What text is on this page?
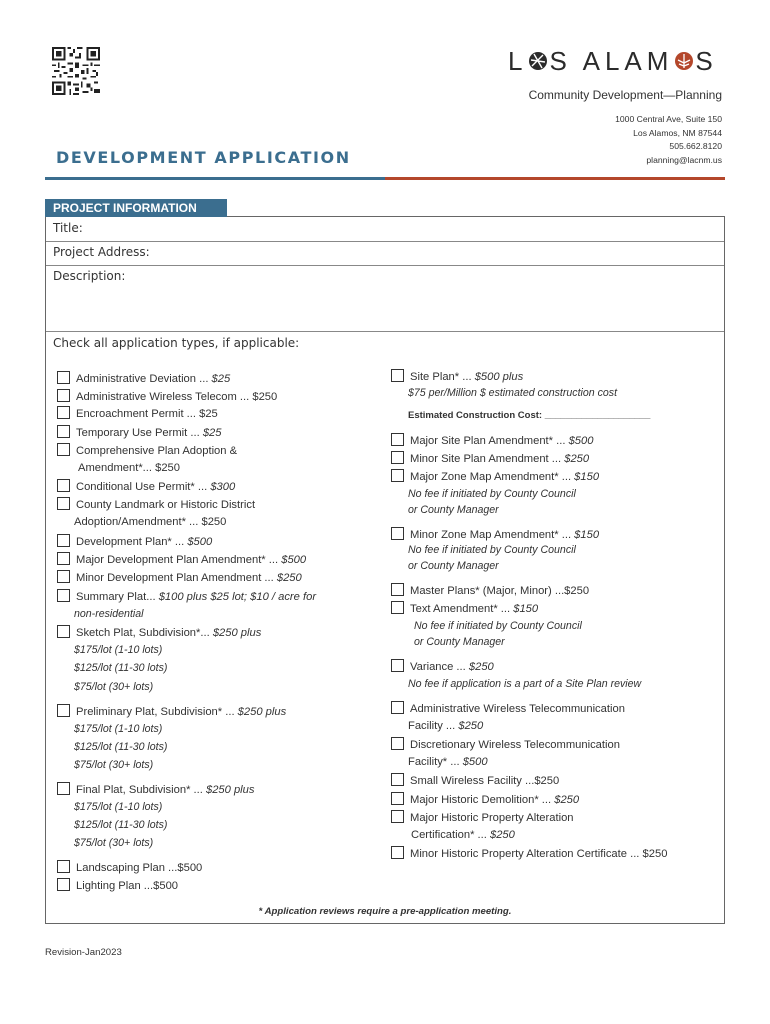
L S ALAM S
Community Development—Planning
1000 Central Ave, Suite 150
Los Alamos, NM 87544
505.662.8120
planning@lacnm.us
DEVELOPMENT APPLICATION
PROJECT INFORMATION
Title:
Project Address:
Description:
Check all application types, if applicable:
Administrative Deviation ... $25
Administrative Wireless Telecom ... $250
Encroachment Permit ... $25
Temporary Use Permit ... $25
Comprehensive Plan Adoption &
Amendment*... $250
Conditional Use Permit* ... $300
County Landmark or Historic District
Adoption/Amendment* ... $250
Development Plan* ... $500
Major Development Plan Amendment* ... $500
Minor Development Plan Amendment ... $250
Summary Plat... $100 plus $25 lot; $10 / acre for
non-residential
Sketch Plat, Subdivision*... $250 plus
$175/lot (1-10 lots)
$125/lot (11-30 lots)
$75/lot (30+ lots)
Preliminary Plat, Subdivision* ... $250 plus
$175/lot (1-10 lots)
$125/lot (11-30 lots)
$75/lot (30+ lots)
Final Plat, Subdivision* ... $250 plus
$175/lot (1-10 lots)
$125/lot (11-30 lots)
$75/lot (30+ lots)
Landscaping Plan ...$500
Lighting Plan ...$500
Site Plan* ... $500 plus
$75 per/Million $ estimated construction cost
Estimated Construction Cost: ____________________
Major Site Plan Amendment* ... $500
Minor Site Plan Amendment ... $250
Major Zone Map Amendment* ... $150
No fee if initiated by County Council
or County Manager
Minor Zone Map Amendment* ... $150
No fee if initiated by County Council
or County Manager
Master Plans* (Major, Minor) ...$250
Text Amendment* ... $150
No fee if initiated by County Council
or County Manager
Variance ... $250
No fee if application is a part of a Site Plan review
Administrative Wireless Telecommunication
Facility ... $250
Discretionary Wireless Telecommunication
Facility* ... $500
Small Wireless Facility ...$250
Major Historic Demolition* ... $250
Major Historic Property Alteration
Certification* ... $250
Minor Historic Property Alteration Certificate ... $250
* Application reviews require a pre-application meeting.
Revision-Jan2023
